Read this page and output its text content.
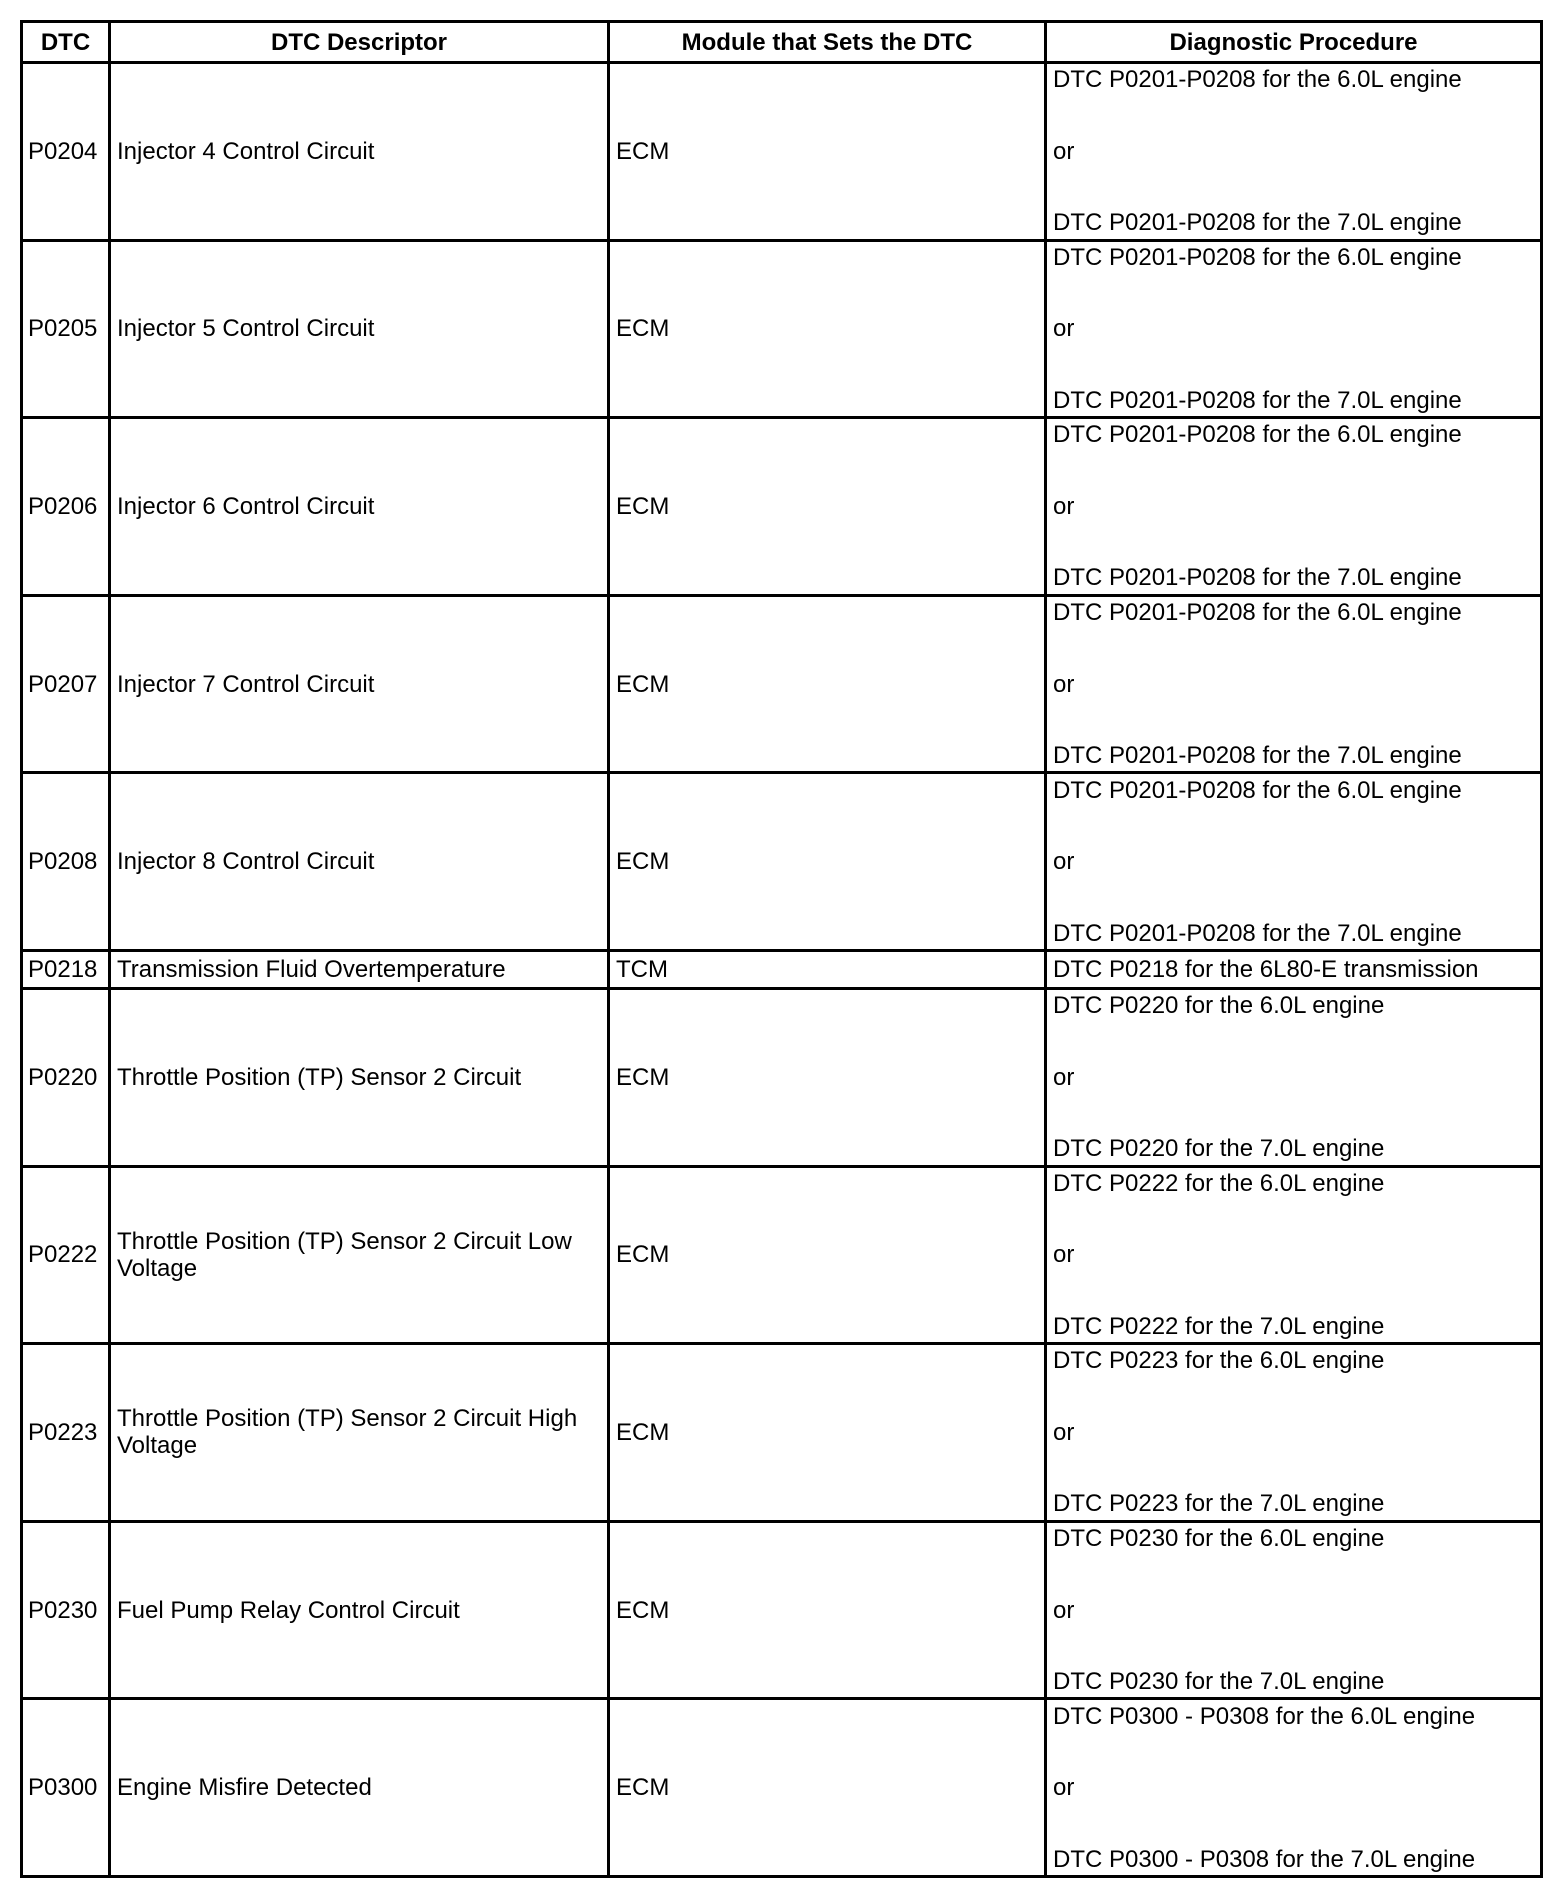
DTC	DTC Descriptor	Module that Sets the DTC	Diagnostic Procedure
P0204	Injector 4 Control Circuit	ECM	DTC P0201-P0208 for the 6.0L engine
or
DTC P0201-P0208 for the 7.0L engine

P0205	Injector 5 Control Circuit	ECM	DTC P0201-P0208 for the 6.0L engine
or
DTC P0201-P0208 for the 7.0L engine

P0206	Injector 6 Control Circuit	ECM	DTC P0201-P0208 for the 6.0L engine
or
DTC P0201-P0208 for the 7.0L engine

P0207	Injector 7 Control Circuit	ECM	DTC P0201-P0208 for the 6.0L engine
or
DTC P0201-P0208 for the 7.0L engine

P0208	Injector 8 Control Circuit	ECM	DTC P0201-P0208 for the 6.0L engine
or
DTC P0201-P0208 for the 7.0L engine

P0218	Transmission Fluid Overtemperature	TCM	DTC P0218 for the 6L80-E transmission

P0220	Throttle Position (TP) Sensor 2 Circuit	ECM	DTC P0220 for the 6.0L engine
or
DTC P0220 for the 7.0L engine

P0222	Throttle Position (TP) Sensor 2 Circuit Low Voltage	ECM	DTC P0222 for the 6.0L engine
or
DTC P0222 for the 7.0L engine

P0223	Throttle Position (TP) Sensor 2 Circuit High Voltage	ECM	DTC P0223 for the 6.0L engine
or
DTC P0223 for the 7.0L engine

P0230	Fuel Pump Relay Control Circuit	ECM	DTC P0230 for the 6.0L engine
or
DTC P0230 for the 7.0L engine

P0300	Engine Misfire Detected	ECM	DTC P0300 - P0308 for the 6.0L engine
or
DTC P0300 - P0308 for the 7.0L engine
